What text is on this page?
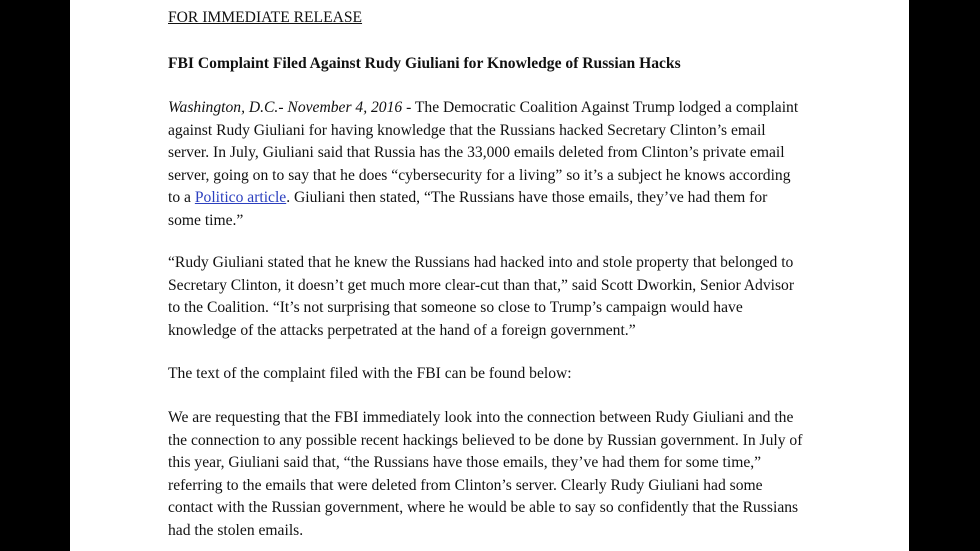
FOR IMMEDIATE RELEASE
FBI Complaint Filed Against Rudy Giuliani for Knowledge of Russian Hacks
Washington, D.C.- November 4, 2016 - The Democratic Coalition Against Trump lodged a complaint
against Rudy Giuliani for having knowledge that the Russians hacked Secretary Clinton’s email
server. In July, Giuliani said that Russia has the 33,000 emails deleted from Clinton’s private email
server, going on to say that he does “cybersecurity for a living” so it’s a subject he knows according
to a Politico article. Giuliani then stated, “The Russians have those emails, they’ve had them for
some time.”
“Rudy Giuliani stated that he knew the Russians had hacked into and stole property that belonged to
Secretary Clinton, it doesn’t get much more clear-cut than that,” said Scott Dworkin, Senior Advisor
to the Coalition. “It’s not surprising that someone so close to Trump’s campaign would have
knowledge of the attacks perpetrated at the hand of a foreign government.”
The text of the complaint filed with the FBI can be found below:
We are requesting that the FBI immediately look into the connection between Rudy Giuliani and the
the connection to any possible recent hackings believed to be done by Russian government. In July of
this year, Giuliani said that, “the Russians have those emails, they’ve had them for some time,”
referring to the emails that were deleted from Clinton’s server. Clearly Rudy Giuliani had some
contact with the Russian government, where he would be able to say so confidently that the Russians
had the stolen emails.
